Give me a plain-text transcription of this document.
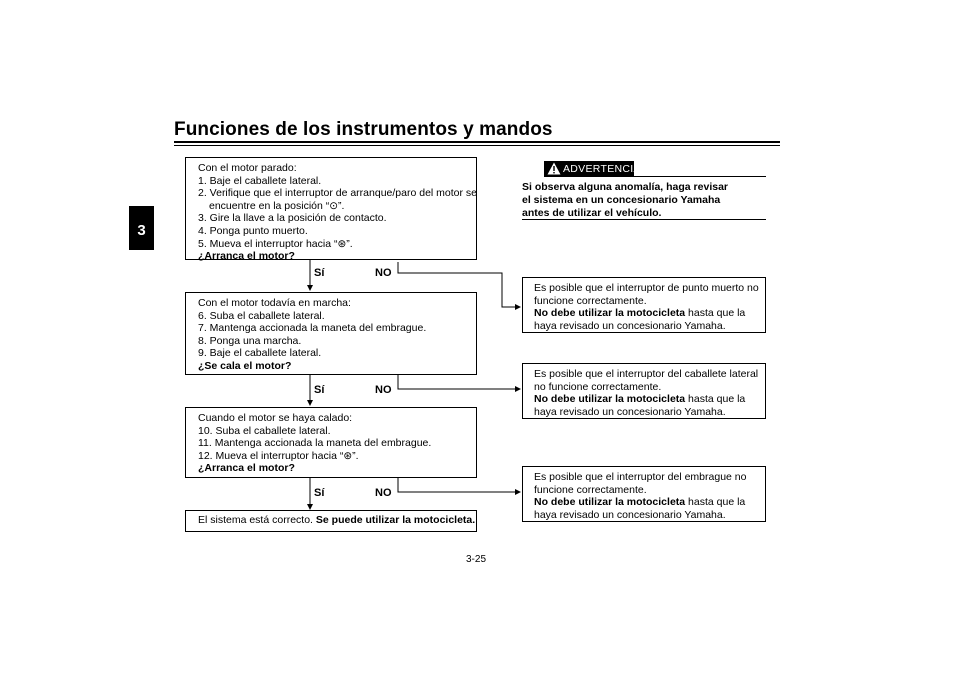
Funciones de los instrumentos y mandos
3
Con el motor parado:
1. Baje el caballete lateral.
2. Verifique que el interruptor de arranque/paro del motor se
encuentre en la posición “⊙”.
3. Gire la llave a la posición de contacto.
4. Ponga punto muerto.
5. Mueva el interruptor hacia “⊛”.
¿Arranca el motor?
Sí	NO
Con el motor todavía en marcha:
6. Suba el caballete lateral.
7. Mantenga accionada la maneta del embrague.
8. Ponga una marcha.
9. Baje el caballete lateral.
¿Se cala el motor?
Sí	NO
Cuando el motor se haya calado:
10. Suba el caballete lateral.
11. Mantenga accionada la maneta del embrague.
12. Mueva el interruptor hacia “⊛”.
¿Arranca el motor?
Sí	NO
El sistema está correcto. Se puede utilizar la motocicleta.
ADVERTENCIA
Si observa alguna anomalía, haga revisar
el sistema en un concesionario Yamaha
antes de utilizar el vehículo.
Es posible que el interruptor de punto muerto no
funcione correctamente.
No debe utilizar la motocicleta hasta que la
haya revisado un concesionario Yamaha.
Es posible que el interruptor del caballete lateral
no funcione correctamente.
No debe utilizar la motocicleta hasta que la
haya revisado un concesionario Yamaha.
Es posible que el interruptor del embrague no
funcione correctamente.
No debe utilizar la motocicleta hasta que la
haya revisado un concesionario Yamaha.
3-25
